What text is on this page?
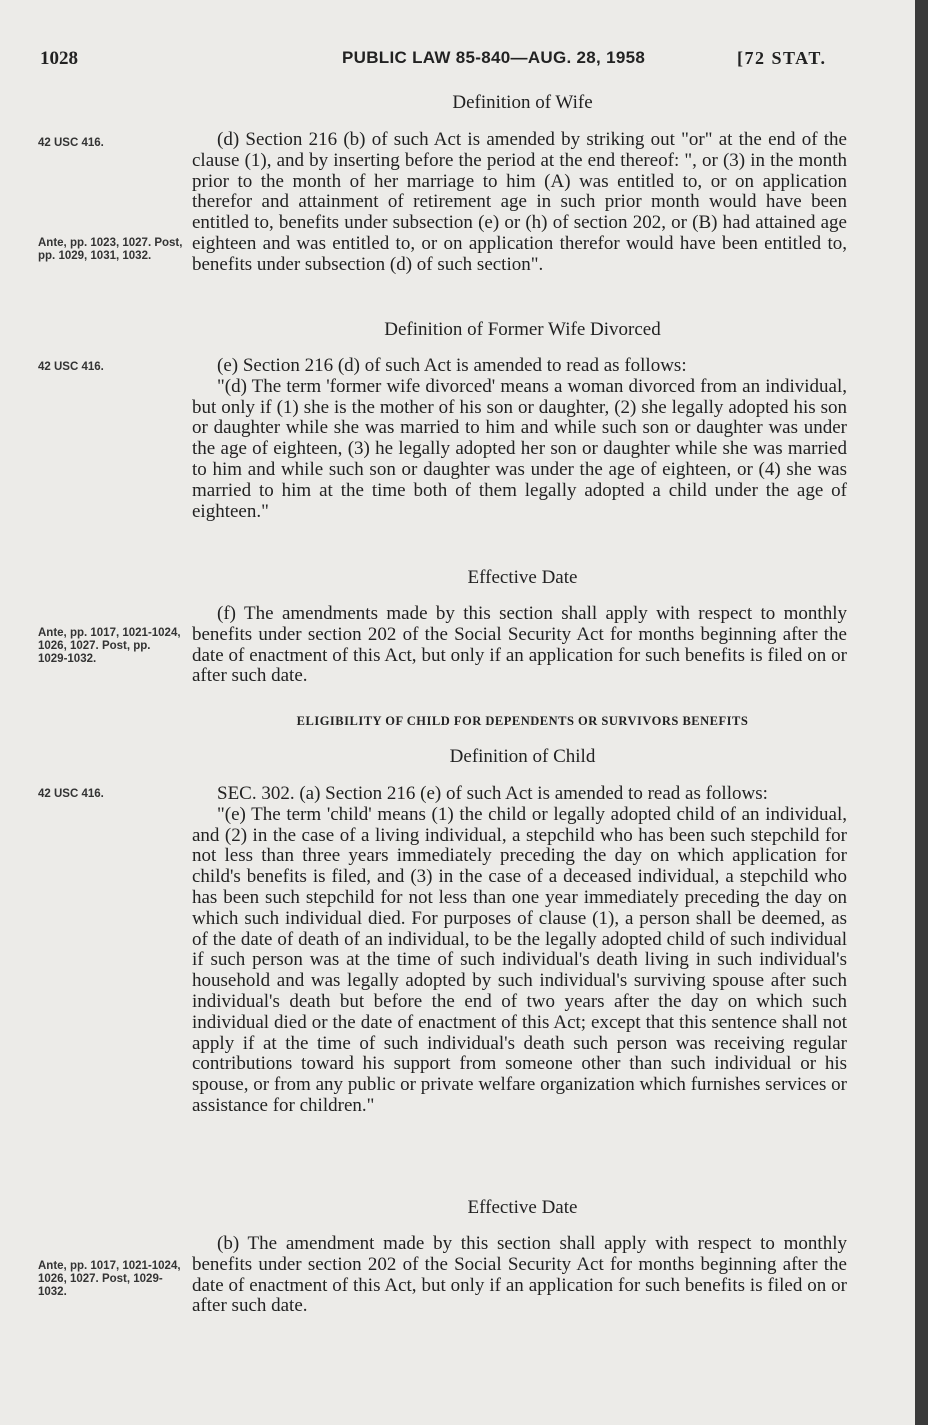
1028	PUBLIC LAW 85-840—AUG. 28, 1958	[72 STAT.
Definition of Wife
42 USC 416.
Ante, pp. 1023, 1027. Post, pp. 1029, 1031, 1032.

(d) Section 216 (b) of such Act is amended by striking out "or" at the end of the clause (1), and by inserting before the period at the end thereof: ", or (3) in the month prior to the month of her marriage to him (A) was entitled to, or on application therefor and attainment of retirement age in such prior month would have been entitled to, benefits under subsection (e) or (h) of section 202, or (B) had attained age eighteen and was entitled to, or on application therefor would have been entitled to, benefits under subsection (d) of such section".

Definition of Former Wife Divorced
42 USC 416.	(e) Section 216 (d) of such Act is amended to read as follows:

"(d) The term 'former wife divorced' means a woman divorced from an individual, but only if (1) she is the mother of his son or daughter, (2) she legally adopted his son or daughter while she was married to him and while such son or daughter was under the age of eighteen, (3) he legally adopted her son or daughter while she was married to him and while such son or daughter was under the age of eighteen, or (4) she was married to him at the time both of them legally adopted a child under the age of eighteen."

Effective Date
Ante, pp. 1017, 1021-1024, 1026, 1027. Post, pp. 1029-1032.

(f) The amendments made by this section shall apply with respect to monthly benefits under section 202 of the Social Security Act for months beginning after the date of enactment of this Act, but only if an application for such benefits is filed on or after such date.

ELIGIBILITY OF CHILD FOR DEPENDENTS OR SURVIVORS BENEFITS
Definition of Child
42 USC 416.	SEC. 302. (a) Section 216 (e) of such Act is amended to read as follows:

"(e) The term 'child' means (1) the child or legally adopted child of an individual, and (2) in the case of a living individual, a stepchild who has been such stepchild for not less than three years immediately preceding the day on which application for child's benefits is filed, and (3) in the case of a deceased individual, a stepchild who has been such stepchild for not less than one year immediately preceding the day on which such individual died. For purposes of clause (1), a person shall be deemed, as of the date of death of an individual, to be the legally adopted child of such individual if such person was at the time of such individual's death living in such individual's household and was legally adopted by such individual's surviving spouse after such individual's death but before the end of two years after the day on which such individual died or the date of enactment of this Act; except that this sentence shall not apply if at the time of such individual's death such person was receiving regular contributions toward his support from someone other than such individual or his spouse, or from any public or private welfare organization which furnishes services or assistance for children."

Effective Date
Ante, pp. 1017, 1021-1024, 1026, 1027. Post, 1029-1032.

(b) The amendment made by this section shall apply with respect to monthly benefits under section 202 of the Social Security Act for months beginning after the date of enactment of this Act, but only if an application for such benefits is filed on or after such date.
